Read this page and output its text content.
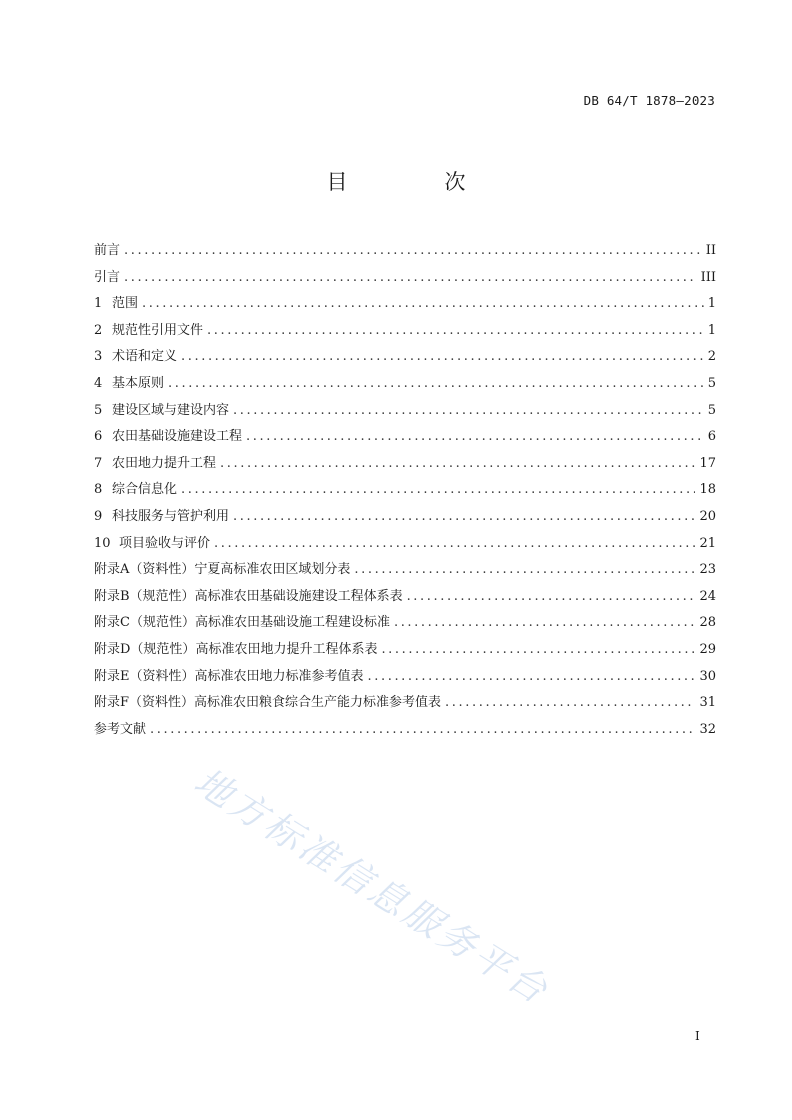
DB 64/T 1878—2023
目　次
前言 .....	II
引言 .....	III
1 范围 .....	1
2 规范性引用文件 .....	1
3 术语和定义 .....	2
4 基本原则 .....	5
5 建设区域与建设内容 .....	5
6 农田基础设施建设工程 .....	6
7 农田地力提升工程 .....	17
8 综合信息化 .....	18
9 科技服务与管护利用 .....	20
10 项目验收与评价 .....	21
附录A（资料性） 宁夏高标准农田区域划分表 .....	23
附录B（规范性） 高标准农田基础设施建设工程体系表 .....	24
附录C（规范性） 高标准农田基础设施工程建设标准 .....	28
附录D（规范性） 高标准农田地力提升工程体系表 .....	29
附录E（资料性） 高标准农田地力标准参考值表 .....	30
附录F（资料性） 高标准农田粮食综合生产能力标准参考值表 .....	31
参考文献 .....	32
地方标准信息服务平台
I
